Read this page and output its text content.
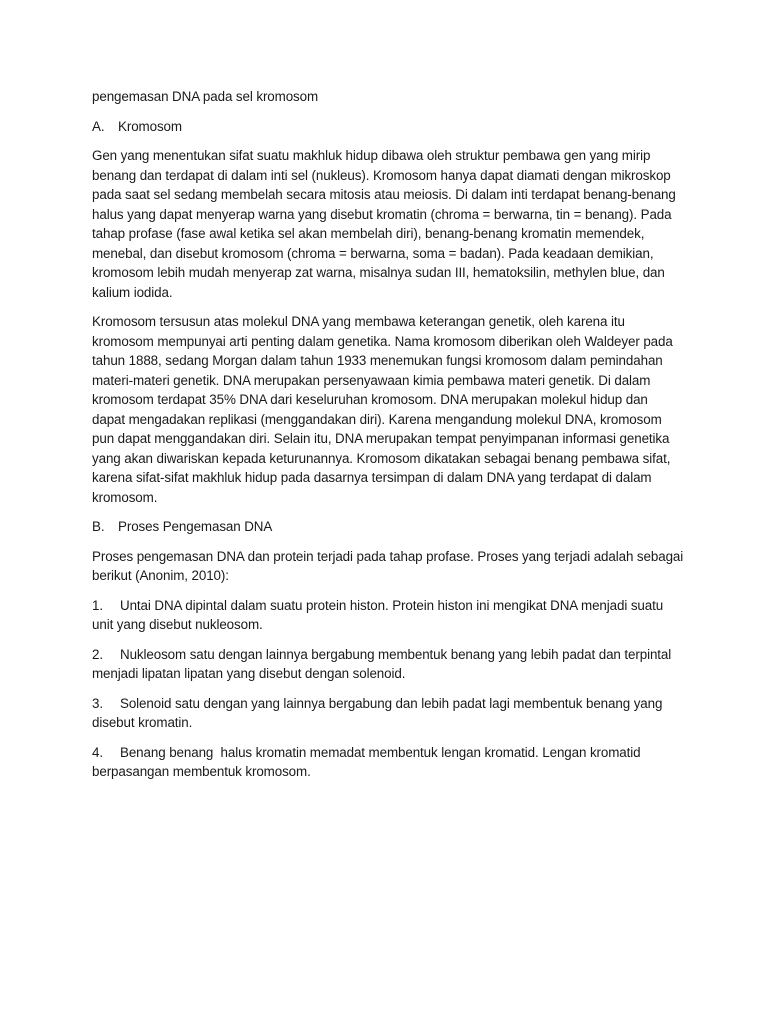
pengemasan DNA pada sel kromosom
A.	Kromosom
Gen yang menentukan sifat suatu makhluk hidup dibawa oleh struktur pembawa gen yang mirip
benang dan terdapat di dalam inti sel (nukleus). Kromosom hanya dapat diamati dengan mikroskop
pada saat sel sedang membelah secara mitosis atau meiosis. Di dalam inti terdapat benang-benang
halus yang dapat menyerap warna yang disebut kromatin (chroma = berwarna, tin = benang). Pada
tahap profase (fase awal ketika sel akan membelah diri), benang-benang kromatin memendek,
menebal, dan disebut kromosom (chroma = berwarna, soma = badan). Pada keadaan demikian,
kromosom lebih mudah menyerap zat warna, misalnya sudan III, hematoksilin, methylen blue, dan
kalium iodida.
Kromosom tersusun atas molekul DNA yang membawa keterangan genetik, oleh karena itu
kromosom mempunyai arti penting dalam genetika. Nama kromosom diberikan oleh Waldeyer pada
tahun 1888, sedang Morgan dalam tahun 1933 menemukan fungsi kromosom dalam pemindahan
materi-materi genetik. DNA merupakan persenyawaan kimia pembawa materi genetik. Di dalam
kromosom terdapat 35% DNA dari keseluruhan kromosom. DNA merupakan molekul hidup dan
dapat mengadakan replikasi (menggandakan diri). Karena mengandung molekul DNA, kromosom
pun dapat menggandakan diri. Selain itu, DNA merupakan tempat penyimpanan informasi genetika
yang akan diwariskan kepada keturunannya. Kromosom dikatakan sebagai benang pembawa sifat,
karena sifat-sifat makhluk hidup pada dasarnya tersimpan di dalam DNA yang terdapat di dalam
kromosom.
B.	Proses Pengemasan DNA
Proses pengemasan DNA dan protein terjadi pada tahap profase. Proses yang terjadi adalah sebagai
berikut (Anonim, 2010):
1. Untai DNA dipintal dalam suatu protein histon. Protein histon ini mengikat DNA menjadi suatu
unit yang disebut nukleosom.
2. Nukleosom satu dengan lainnya bergabung membentuk benang yang lebih padat dan terpintal
menjadi lipatan lipatan yang disebut dengan solenoid.
3. Solenoid satu dengan yang lainnya bergabung dan lebih padat lagi membentuk benang yang
disebut kromatin.
4. Benang benang  halus kromatin memadat membentuk lengan kromatid. Lengan kromatid
berpasangan membentuk kromosom.
